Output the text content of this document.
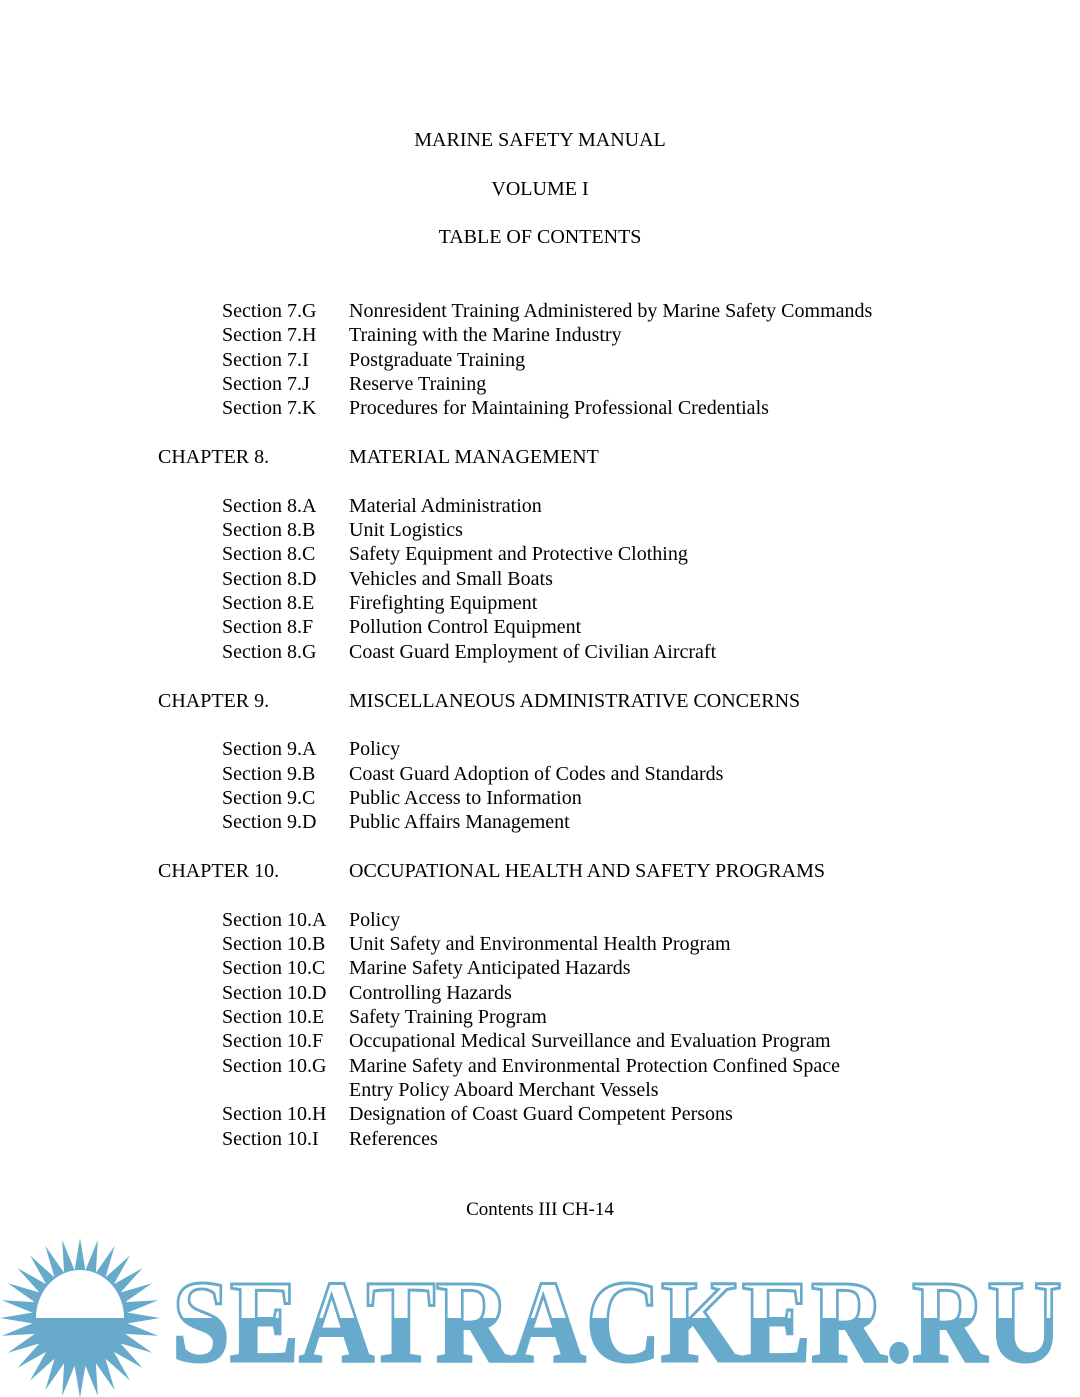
MARINE SAFETY MANUAL
VOLUME I
TABLE OF CONTENTS
Section 7.G Nonresident Training Administered by Marine Safety Commands
Section 7.H Training with the Marine Industry
Section 7.I Postgraduate Training
Section 7.J Reserve Training
Section 7.K Procedures for Maintaining Professional Credentials
CHAPTER 8.	MATERIAL MANAGEMENT
Section 8.A Material Administration
Section 8.B Unit Logistics
Section 8.C Safety Equipment and Protective Clothing
Section 8.D Vehicles and Small Boats
Section 8.E Firefighting Equipment
Section 8.F Pollution Control Equipment
Section 8.G Coast Guard Employment of Civilian Aircraft
CHAPTER 9.	MISCELLANEOUS ADMINISTRATIVE CONCERNS
Section 9.A Policy
Section 9.B Coast Guard Adoption of Codes and Standards
Section 9.C Public Access to Information
Section 9.D Public Affairs Management
CHAPTER 10.	OCCUPATIONAL HEALTH AND SAFETY PROGRAMS
Section 10.A Policy
Section 10.B Unit Safety and Environmental Health Program
Section 10.C Marine Safety Anticipated Hazards
Section 10.D Controlling Hazards
Section 10.E Safety Training Program
Section 10.F Occupational Medical Surveillance and Evaluation Program
Section 10.G Marine Safety and Environmental Protection Confined Space
Entry Policy Aboard Merchant Vessels
Section 10.H Designation of Coast Guard Competent Persons
Section 10.I References
Contents III CH-14
SEATRACKER.RU
